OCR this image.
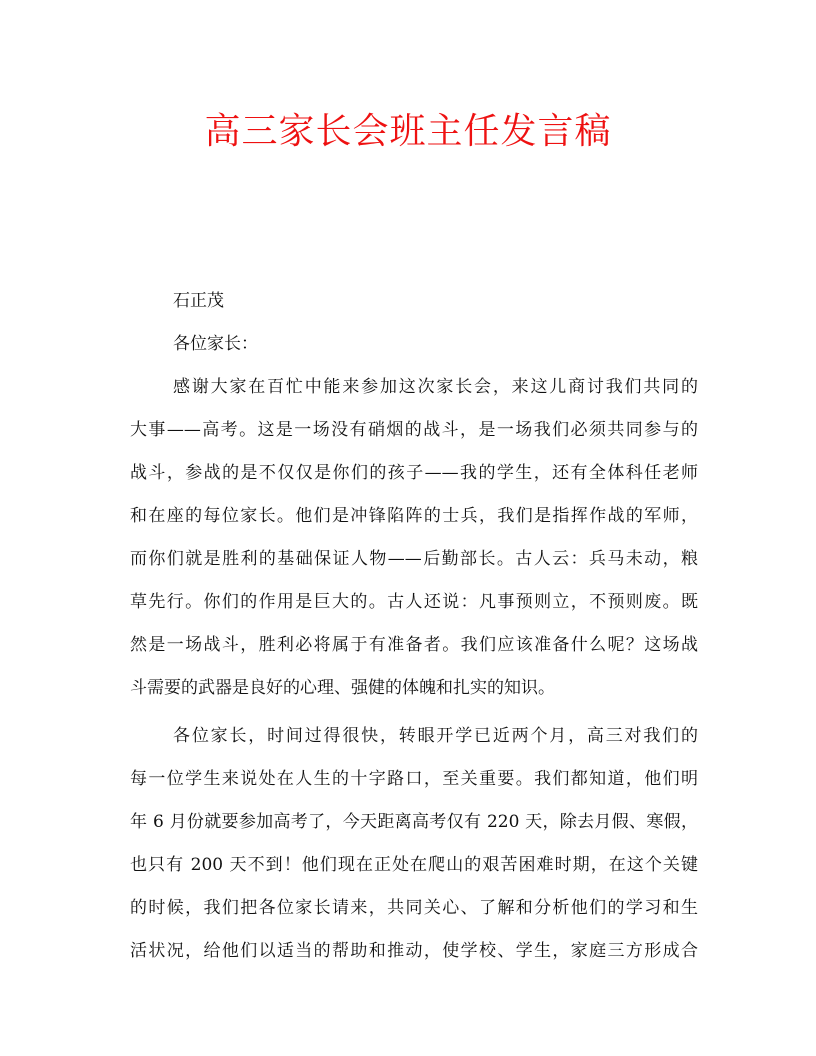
高三家长会班主任发言稿
石正茂
各位家长：
感谢大家在百忙中能来参加这次家长会，来这儿商讨我们共同的
大事——高考。这是一场没有硝烟的战斗，是一场我们必须共同参与的
战斗，参战的是不仅仅是你们的孩子——我的学生，还有全体科任老师
和在座的每位家长。他们是冲锋陷阵的士兵，我们是指挥作战的军师，
而你们就是胜利的基础保证人物——后勤部长。古人云：兵马未动，粮
草先行。你们的作用是巨大的。古人还说：凡事预则立，不预则废。既
然是一场战斗，胜利必将属于有准备者。我们应该准备什么呢？这场战
斗需要的武器是良好的心理、强健的体魄和扎实的知识。
各位家长，时间过得很快，转眼开学已近两个月，高三对我们的
每一位学生来说处在人生的十字路口，至关重要。我们都知道，他们明
年 6 月份就要参加高考了，今天距离高考仅有 220 天，除去月假、寒假，
也只有 200 天不到！他们现在正处在爬山的艰苦困难时期，在这个关键
的时候，我们把各位家长请来，共同关心、了解和分析他们的学习和生
活状况，给他们以适当的帮助和推动，使学校、学生，家庭三方形成合
